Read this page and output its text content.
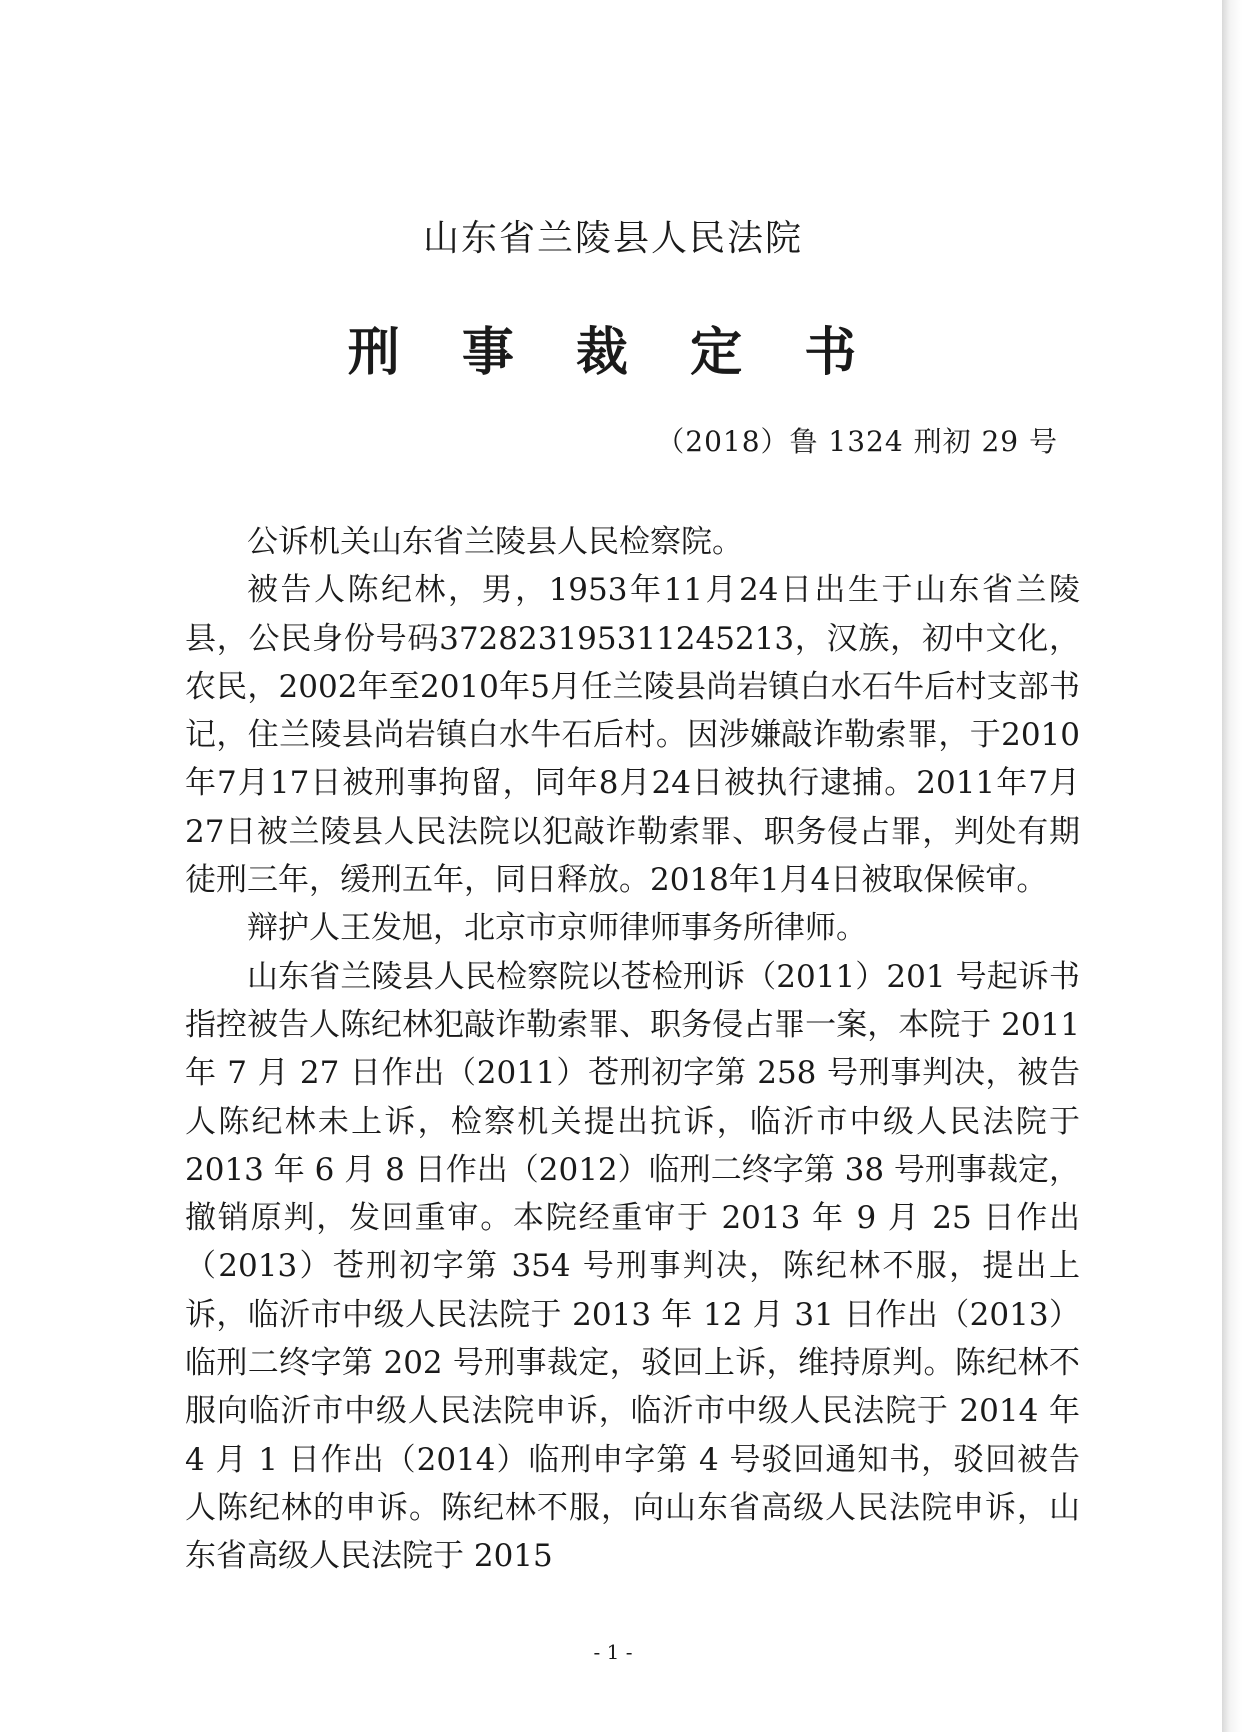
山东省兰陵县人民法院
刑 事 裁 定 书
（2018）鲁 1324 刑初 29 号

公诉机关山东省兰陵县人民检察院。

被告人陈纪林，男，1953年11月24日出生于山东省兰陵县，公民身份号码372823195311245213，汉族，初中文化，农民，2002年至2010年5月任兰陵县尚岩镇白水石牛后村支部书记，住兰陵县尚岩镇白水牛石后村。因涉嫌敲诈勒索罪，于2010年7月17日被刑事拘留，同年8月24日被执行逮捕。2011年7月27日被兰陵县人民法院以犯敲诈勒索罪、职务侵占罪，判处有期徒刑三年，缓刑五年，同日释放。2018年1月4日被取保候审。

辩护人王发旭，北京市京师律师事务所律师。

山东省兰陵县人民检察院以苍检刑诉（2011）201 号起诉书指控被告人陈纪林犯敲诈勒索罪、职务侵占罪一案，本院于 2011 年 7 月 27 日作出（2011）苍刑初字第 258 号刑事判决，被告人陈纪林未上诉，检察机关提出抗诉，临沂市中级人民法院于 2013 年 6 月 8 日作出（2012）临刑二终字第 38 号刑事裁定，撤销原判，发回重审。本院经重审于 2013 年 9 月 25 日作出（2013）苍刑初字第 354 号刑事判决，陈纪林不服，提出上诉，临沂市中级人民法院于 2013 年 12 月 31 日作出（2013）临刑二终字第 202 号刑事裁定，驳回上诉，维持原判。陈纪林不服向临沂市中级人民法院申诉，临沂市中级人民法院于 2014 年 4 月 1 日作出（2014）临刑申字第 4 号驳回通知书，驳回被告人陈纪林的申诉。陈纪林不服，向山东省高级人民法院申诉，山东省高级人民法院于 2015

- 1 -
